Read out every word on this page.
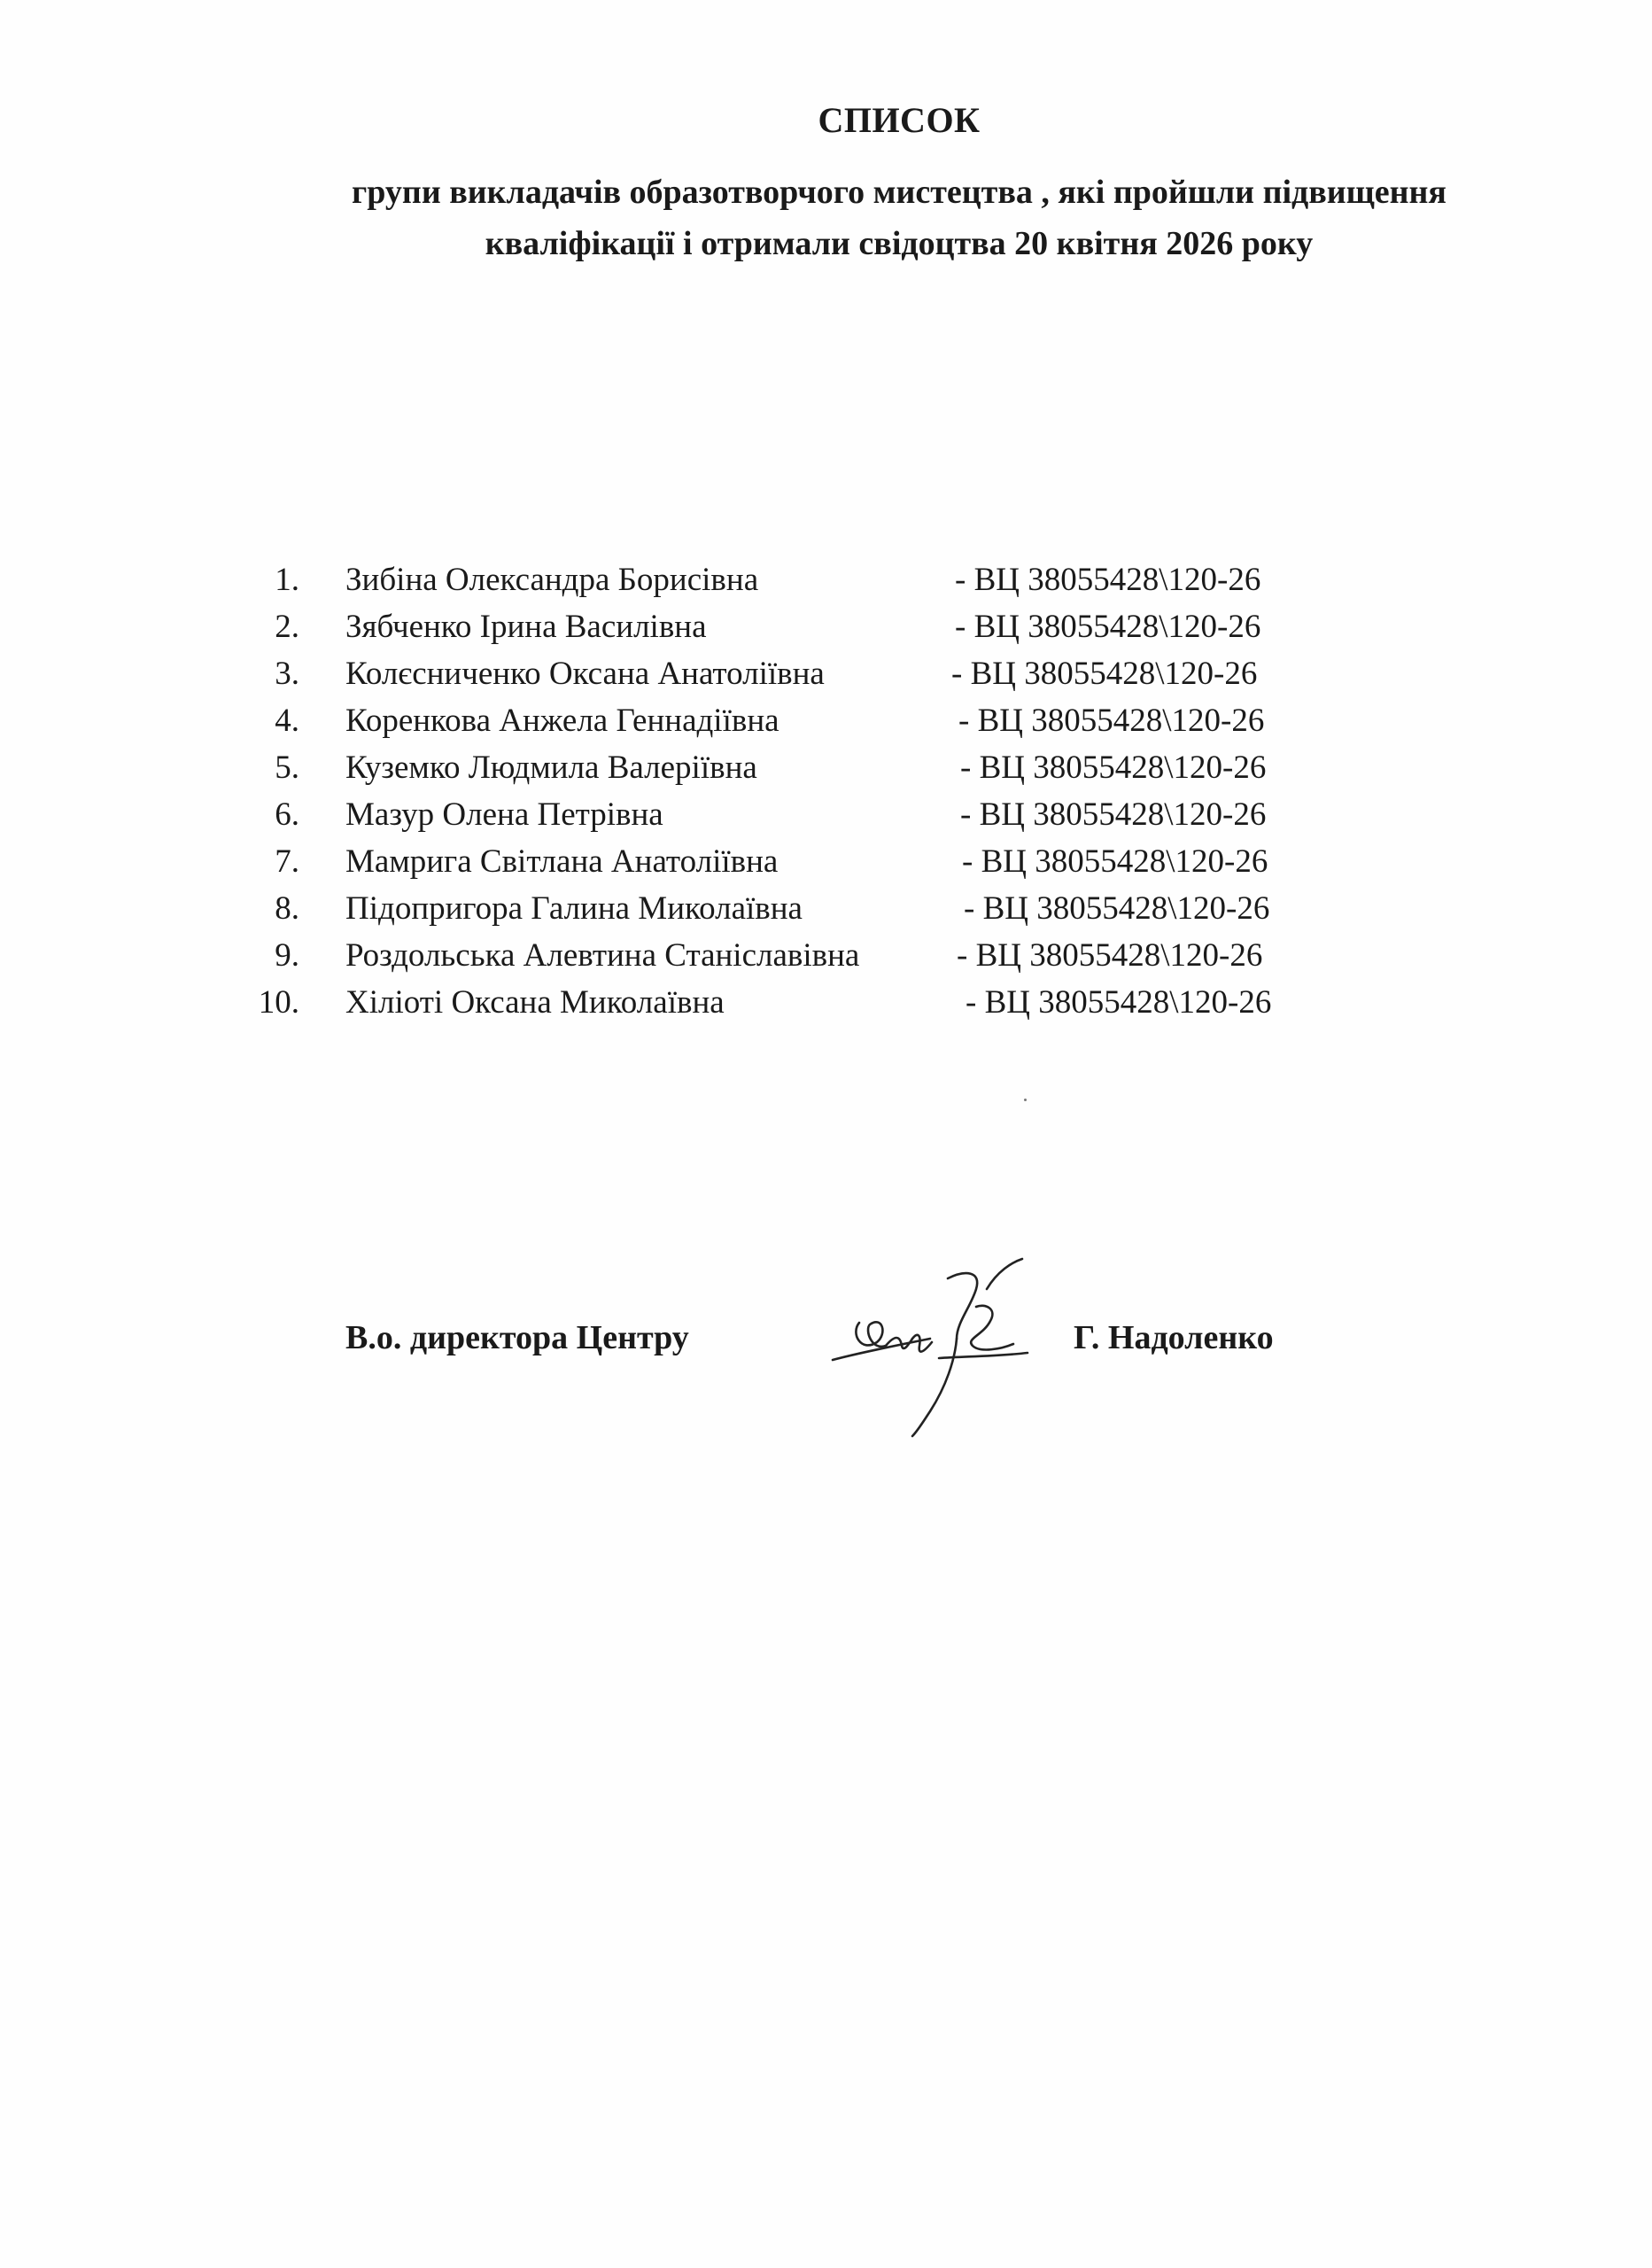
СПИСОК
групи викладачів образотворчого мистецтва , які пройшли підвищення
кваліфікації і отримали свідоцтва 20 квітня 2026 року
1. Зибіна Олександра Борисівна	- ВЦ 38055428\120-26
2. Зябченко Ірина Василівна	- ВЦ 38055428\120-26
3. Колєсниченко Оксана Анатоліївна	- ВЦ 38055428\120-26
4. Коренкова Анжела Геннадіївна	- ВЦ 38055428\120-26
5. Куземко Людмила Валеріївна	- ВЦ 38055428\120-26
6. Мазур Олена Петрівна	- ВЦ 38055428\120-26
7. Мамрига Світлана Анатоліївна	- ВЦ 38055428\120-26
8. Підопригора Галина Миколаївна	- ВЦ 38055428\120-26
9. Роздольська Алевтина Станіславівна	- ВЦ 38055428\120-26
10. Хіліоті Оксана Миколаївна	- ВЦ 38055428\120-26
В.о. директора Центру	Г. Надоленко
